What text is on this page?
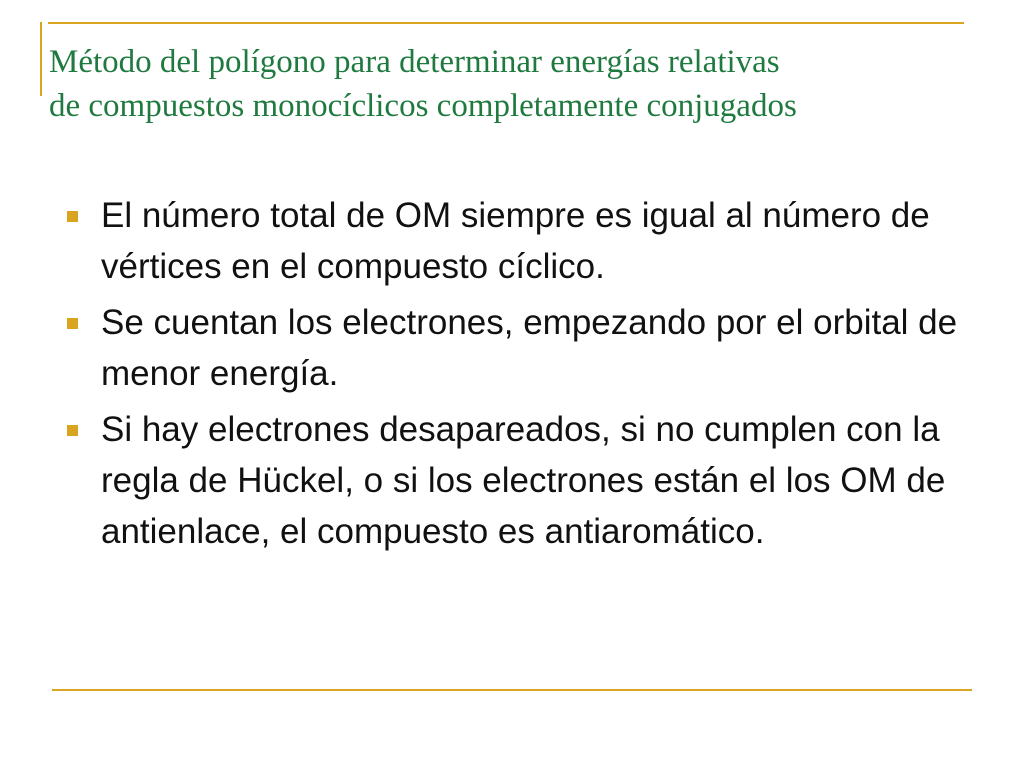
Método del polígono para determinar energías relativas
de compuestos monocíclicos completamente conjugados
El número total de OM siempre es igual al número de vértices en el compuesto cíclico.
Se cuentan los electrones, empezando por el orbital de menor energía.
Si hay electrones desapareados, si no cumplen con la regla de Hückel, o si los electrones están el los OM de antienlace, el compuesto es antiaromático.
